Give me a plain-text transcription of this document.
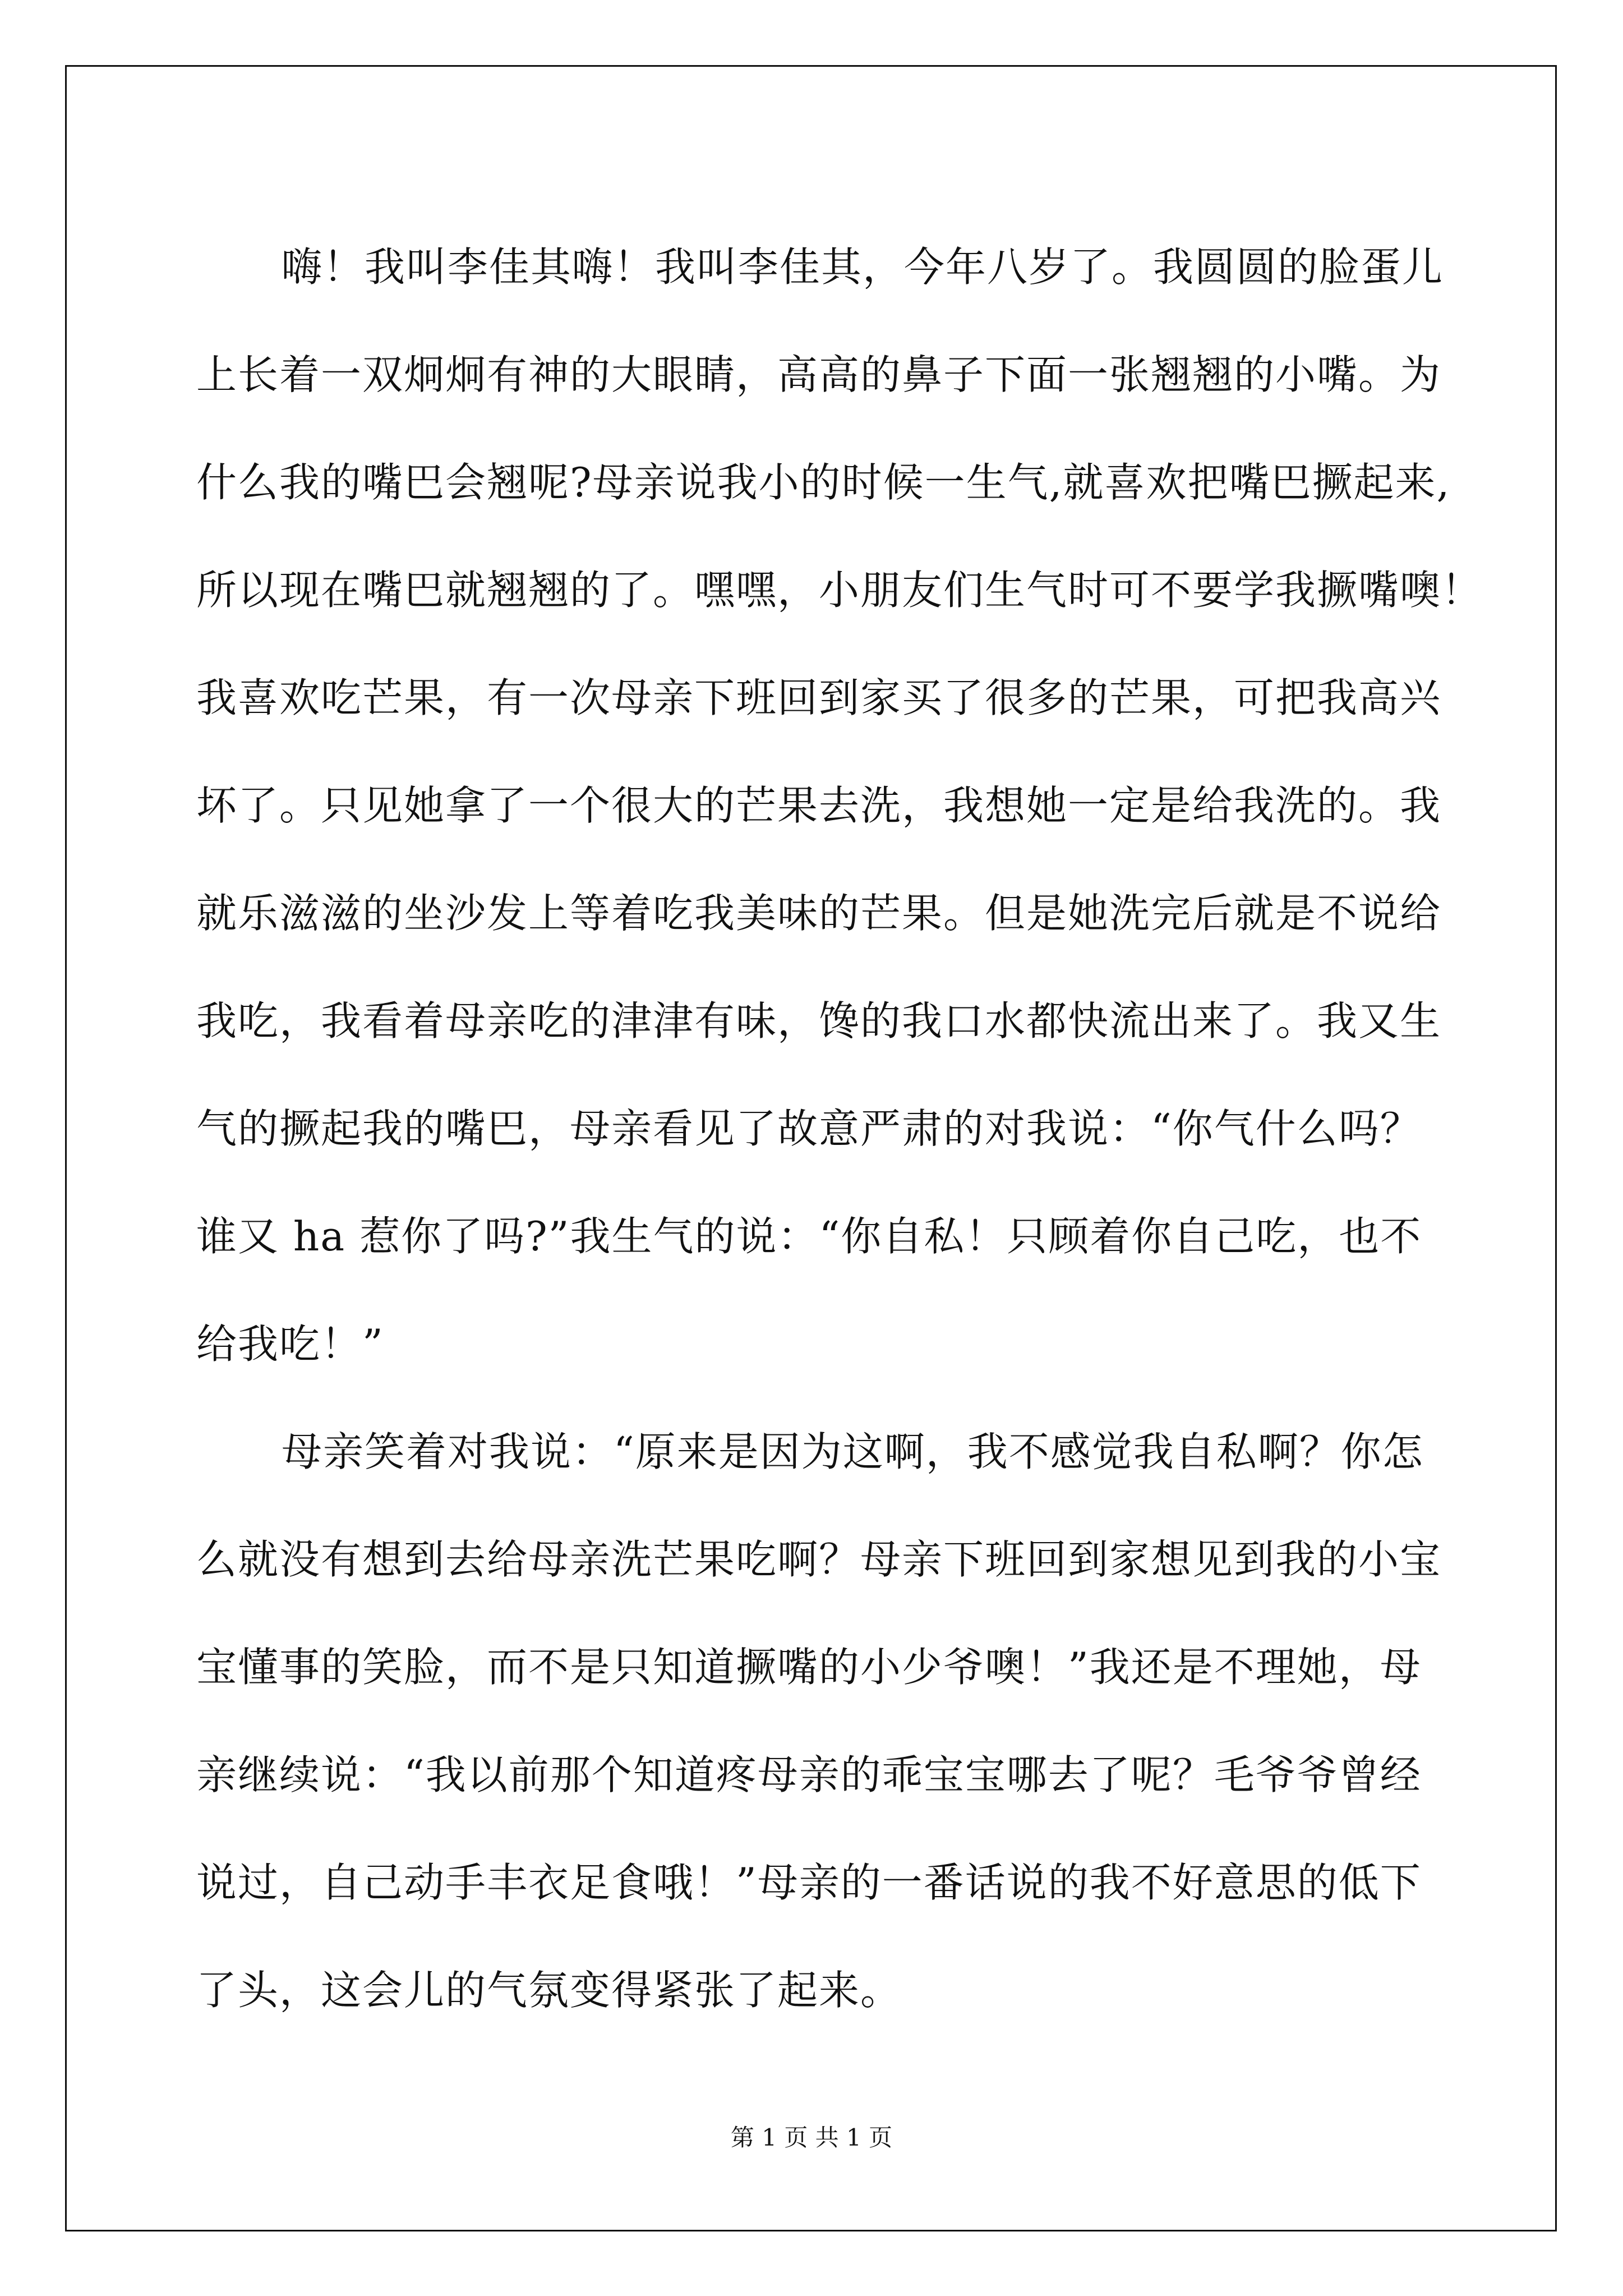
嗨！我叫李佳其嗨！我叫李佳其，今年八岁了。我圆圆的脸蛋儿
上长着一双炯炯有神的大眼睛，高高的鼻子下面一张翘翘的小嘴。为
什么我的嘴巴会翘呢?母亲说我小的时候一生气,就喜欢把嘴巴撅起来,
所以现在嘴巴就翘翘的了。嘿嘿，小朋友们生气时可不要学我撅嘴噢！
我喜欢吃芒果，有一次母亲下班回到家买了很多的芒果，可把我高兴
坏了。只见她拿了一个很大的芒果去洗，我想她一定是给我洗的。我
就乐滋滋的坐沙发上等着吃我美味的芒果。但是她洗完后就是不说给
我吃，我看着母亲吃的津津有味，馋的我口水都快流出来了。我又生
气的撅起我的嘴巴，母亲看见了故意严肃的对我说：“你气什么吗？
谁又 ha 惹你了吗?”我生气的说：“你自私！只顾着你自己吃，也不
给我吃！”
母亲笑着对我说：“原来是因为这啊，我不感觉我自私啊？你怎
么就没有想到去给母亲洗芒果吃啊？母亲下班回到家想见到我的小宝
宝懂事的笑脸，而不是只知道撅嘴的小少爷噢！”我还是不理她，母
亲继续说：“我以前那个知道疼母亲的乖宝宝哪去了呢？毛爷爷曾经
说过，自己动手丰衣足食哦！”母亲的一番话说的我不好意思的低下
了头，这会儿的气氛变得紧张了起来。
第 1 页 共 1 页
